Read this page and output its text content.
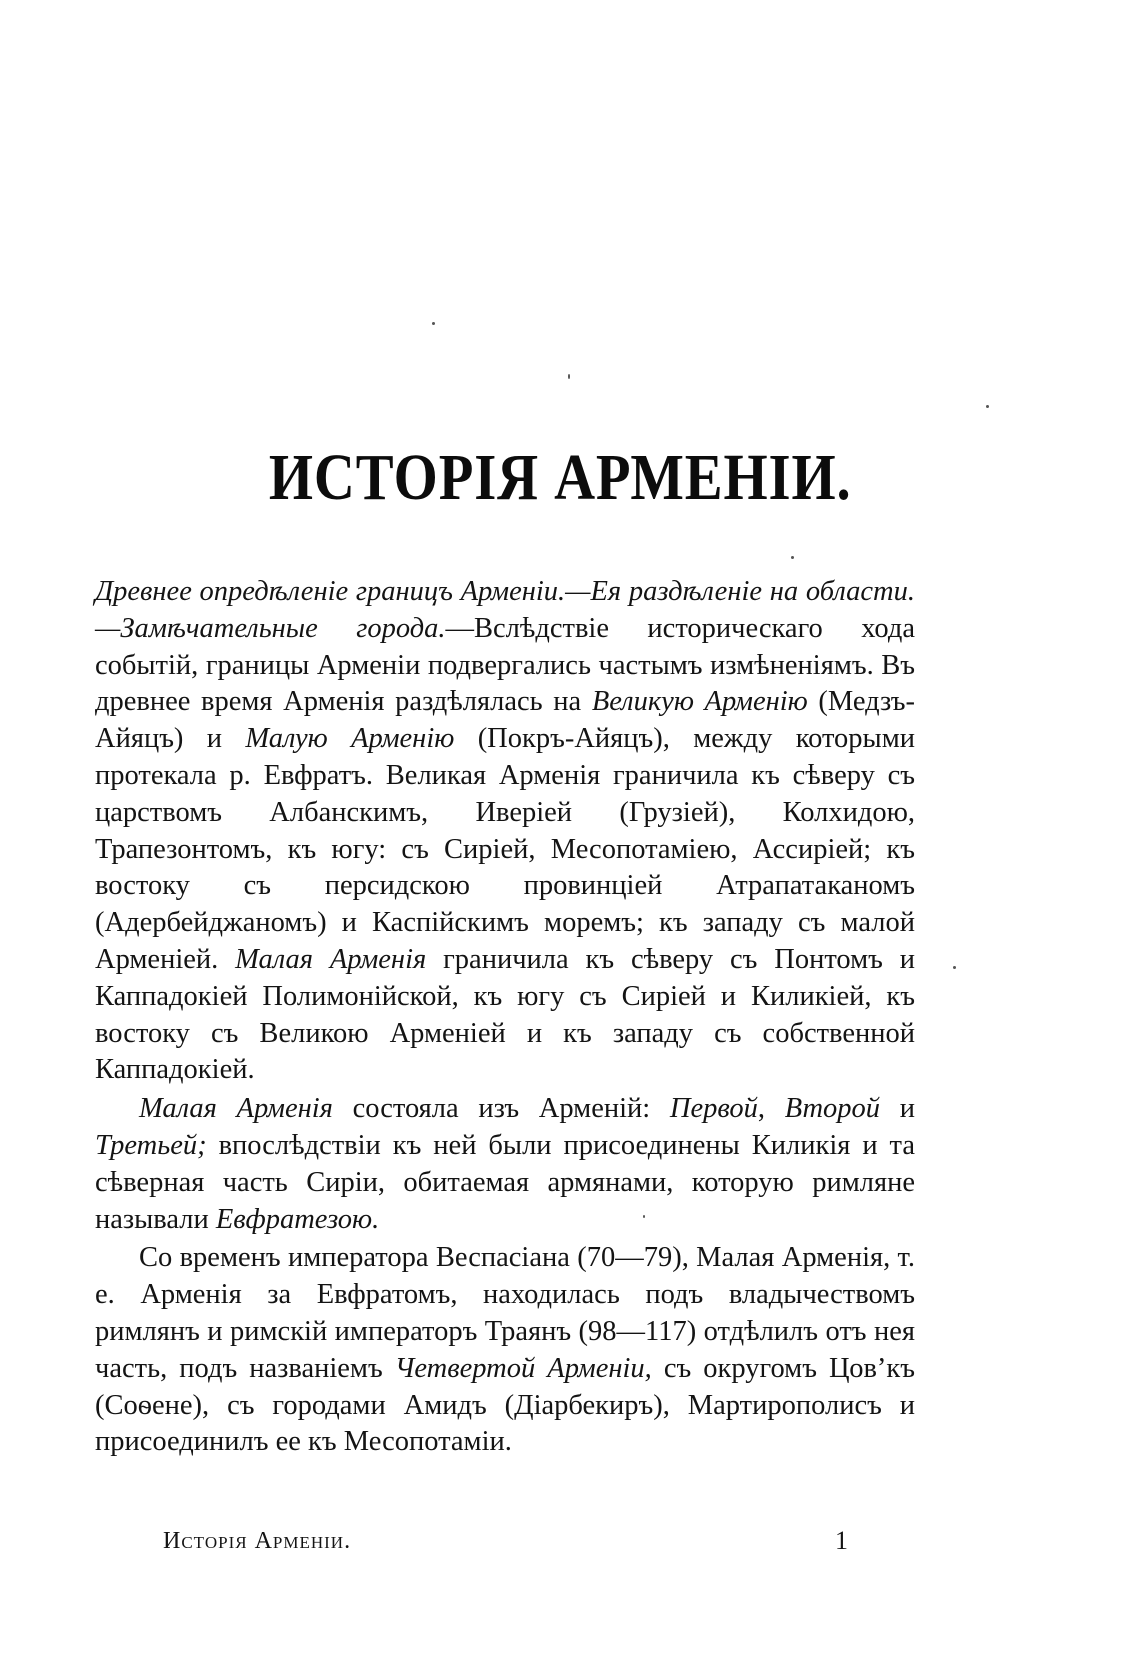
ИСТОРІЯ АРМЕНІИ.

Древнее опредѣленіе границъ Арменіи.—Ея раздѣленіе на области.—Замѣчательные города.—Вслѣдствіе историческаго хода событій, границы Арменіи подвергались частымъ измѣненіямъ. Въ древнее время Арменія раздѣлялась на Великую Арменію (Медзъ-Айяцъ) и Малую Арменію (Покръ-Айяцъ), между которыми протекала р. Евфратъ. Великая Арменія граничила къ сѣверу съ царствомъ Албанскимъ, Иверіей (Грузіей), Колхидою, Трапезонтомъ, къ югу: съ Сиріей, Месопотаміею, Ассиріей; къ востоку съ персидскою провинціей Атрапатаканомъ (Адербейджаномъ) и Каспійскимъ моремъ; къ западу съ малой Арменіей. Малая Арменія граничила къ сѣверу съ Понтомъ и Каппадокіей Полимонійской, къ югу съ Сиріей и Киликіей, къ востоку съ Великою Арменіей и къ западу съ собственной Каппадокіей.

Малая Арменія состояла изъ Арменій: Первой, Второй и Третьей; впослѣдствіи къ ней были присоединены Киликія и та сѣверная часть Сиріи, обитаемая армянами, которую римляне называли Евфратезою.

Со временъ императора Веспасіана (70—79), Малая Арменія, т. е. Арменія за Евфратомъ, находилась подъ владычествомъ римлянъ и римскій императоръ Траянъ (98—117) отдѣлилъ отъ нея часть, подъ названіемъ Четвертой Арменіи, съ округомъ Цовʼкъ (Соѳене), съ городами Амидъ (Діарбекиръ), Мартирополисъ и присоединилъ ее къ Месопотаміи.

Исторія Арменіи.	1
